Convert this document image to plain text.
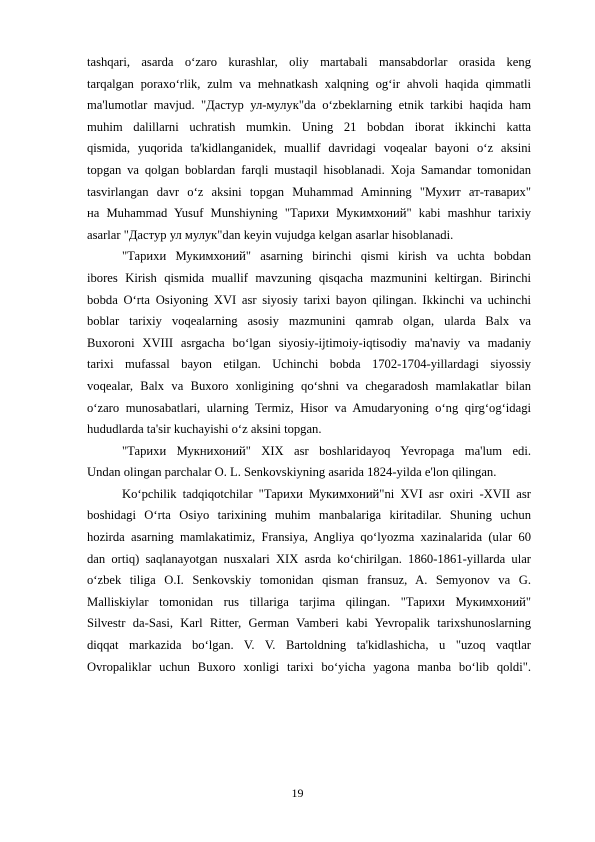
tashqari, asarda o‘zaro kurashlar, oliy martabali mansabdorlar orasida keng
tarqalgan poraxo‘rlik, zulm va mehnatkash xalqning og‘ir ahvoli haqida qimmatli
ma'lumotlar mavjud. "Дастур ул-мулук"da o‘zbeklarning etnik tarkibi haqida ham
muhim dalillarni uchratish mumkin. Uning 21 bobdan iborat ikkinchi katta
qismida, yuqorida ta'kidlanganidek, muallif davridagi voqealar bayoni o‘z aksini
topgan va qolgan boblardan farqli mustaqil hisoblanadi. Xoja Samandar tomonidan
tasvirlangan davr o‘z aksini topgan Muhammad Aminning "Мухит ат-таварих"
на Muhammad Yusuf Munshiyning "Тарихи Мукимхоний" kabi mashhur tarixiy
asarlar "Дастур ул мулук"dan keyin vujudga kelgan asarlar hisoblanadi.

"Тарихи Мукимхоний" asarning birinchi qismi kirish va uchta bobdan
ibores Kirish qismida muallif mavzuning qisqacha mazmunini keltirgan. Birinchi
bobda O‘rta Osiyoning XVI asr siyosiy tarixi bayon qilingan. Ikkinchi va uchinchi
boblar tarixiy voqealarning asosiy mazmunini qamrab olgan, ularda Balx va
Buxoroni XVIII asrgacha bo‘lgan siyosiy-ijtimoiy-iqtisodiy ma'naviy va madaniy
tarixi mufassal bayon etilgan. Uchinchi bobda 1702-1704-yillardagi siyossiy
voqealar, Balx va Buxoro xonligining qo‘shni va chegaradosh mamlakatlar bilan
o‘zaro munosabatlari, ularning Termiz, Hisor va Amudaryoning o‘ng qirg‘og‘idagi
hududlarda ta'sir kuchayishi o‘z aksini topgan.

"Тарихи Мукнихоний" XIX asr boshlaridayoq Yevropaga ma'lum edi.
Undan olingan parchalar O. L. Senkovskiyning asarida 1824-yilda e'lon qilingan.

Ko‘pchilik tadqiqotchilar "Тарихи Мукимхоний"ni XVI asr oxiri -XVII asr
boshidagi O‘rta Osiyo tarixining muhim manbalariga kiritadilar. Shuning uchun
hozirda asarning mamlakatimiz, Fransiya, Angliya qo‘lyozma xazinalarida (ular 60
dan ortiq) saqlanayotgan nusxalari XIX asrda ko‘chirilgan. 1860-1861-yillarda ular
o‘zbek tiliga O.I. Senkovskiy tomonidan qisman fransuz, A. Semyonov va G.
Malliskiylar tomonidan rus tillariga tarjima qilingan. "Тарихи Мукимхоний"
Silvestr da-Sasi, Karl Ritter, German Vamberi kabi Yevropalik tarixshunoslarning
diqqat markazida bo‘lgan. V. V. Bartoldning ta'kidlashicha, u "uzoq vaqtlar
Ovropaliklar uchun Buxoro xonligi tarixi bo‘yicha yagona manba bo‘lib qoldi".

19
